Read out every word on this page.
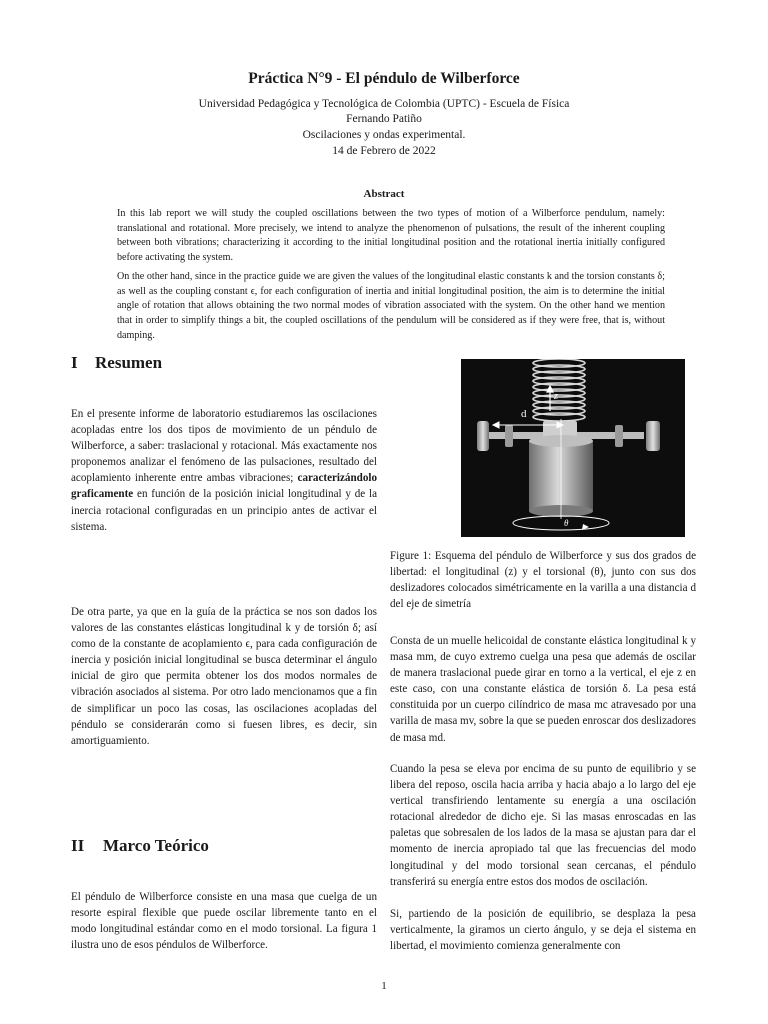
Práctica N°9 - El péndulo de Wilberforce
Universidad Pedagógica y Tecnológica de Colombia (UPTC) - Escuela de Física
Fernando Patiño
Oscilaciones y ondas experimental.
14 de Febrero de 2022
Abstract

In this lab report we will study the coupled oscillations between the two types of motion of a Wilberforce pendulum, namely: translational and rotational. More precisely, we intend to analyze the phenomenon of pulsations, the result of the inherent coupling between both vibrations; characterizing it according to the initial longitudinal position and the rotational inertia initially configured before activating the system.

On the other hand, since in the practice guide we are given the values of the longitudinal elastic constants k and the torsion constants δ; as well as the coupling constant ϵ, for each configuration of inertia and initial longitudinal position, the aim is to determine the initial angle of rotation that allows obtaining the two normal modes of vibration associated with the system. On the other hand we mention that in order to simplify things a bit, the coupled oscillations of the pendulum will be considered as if they were free, that is, without damping.

I Resumen

En el presente informe de laboratorio estudiaremos las oscilaciones acopladas entre los dos tipos de movimiento de un péndulo de Wilberforce, a saber: traslacional y rotacional. Más exactamente nos proponemos analizar el fenómeno de las pulsaciones, resultado del acoplamiento inherente entre ambas vibraciones; caracterizándolo graficamente en función de la posición inicial longitudinal y de la inercia rotacional configuradas en un principio antes de activar el sistema.

De otra parte, ya que en la guía de la práctica se nos son dados los valores de las constantes elásticas longitudinal k y de torsión δ; así como de la constante de acoplamiento ϵ, para cada configuración de inercia y posición inicial longitudinal se busca determinar el ángulo inicial de giro que permita obtener los dos modos normales de vibración asociados al sistema. Por otro lado mencionamos que a fin de simplificar un poco las cosas, las oscilaciones acopladas del péndulo se considerarán como si fuesen libres, es decir, sin amortiguamiento.

II Marco Teórico

El péndulo de Wilberforce consiste en una masa que cuelga de un resorte espiral flexible que puede oscilar libremente tanto en el modo longitudinal estándar como en el modo torsional. La figura 1 ilustra uno de esos péndulos de Wilberforce.

z
d
θ

Figure 1: Esquema del péndulo de Wilberforce y sus dos grados de libertad: el longitudinal (z) y el torsional (θ), junto con sus dos deslizadores colocados simétricamente en la varilla a una distancia d del eje de simetría

Consta de un muelle helicoidal de constante elástica longitudinal k y masa mm, de cuyo extremo cuelga una pesa que además de oscilar de manera traslacional puede girar en torno a la vertical, el eje z en este caso, con una constante elástica de torsión δ. La pesa está constituida por un cuerpo cilíndrico de masa mc atravesado por una varilla de masa mv, sobre la que se pueden enroscar dos deslizadores de masa md.

Cuando la pesa se eleva por encima de su punto de equilibrio y se libera del reposo, oscila hacia arriba y hacia abajo a lo largo del eje vertical transfiriendo lentamente su energía a una oscilación rotacional alrededor de dicho eje. Si las masas enroscadas en las paletas que sobresalen de los lados de la masa se ajustan para dar el momento de inercia apropiado tal que las frecuencias del modo longitudinal y del modo torsional sean cercanas, el péndulo transferirá su energía entre estos dos modos de oscilación.

Si, partiendo de la posición de equilibrio, se desplaza la pesa verticalmente, la giramos un cierto ángulo, y se deja el sistema en libertad, el movimiento comienza generalmente con

1
